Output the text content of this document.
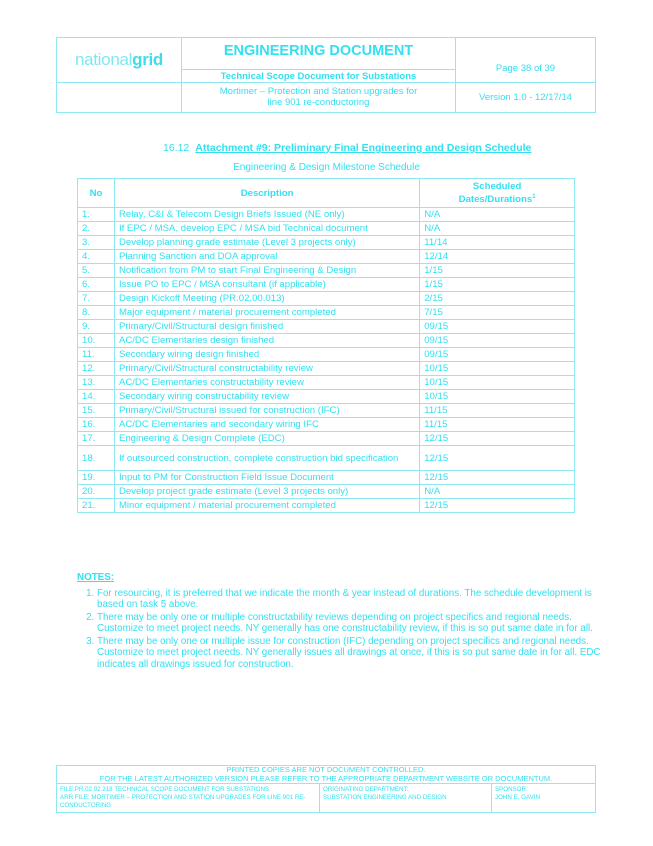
nationalgrid	ENGINEERING DOCUMENT
Technical Scope Document for Substations
Page 38 of 39
Mortimer – Protection and Station upgrades for
line 901 re-conductoring	Version 1.0 - 12/17/14
16.12 Attachment #9: Preliminary Final Engineering and Design Schedule
Engineering & Design Milestone Schedule
No	Description	Scheduled
Dates/Durations$^1$

1.	Relay, C&I & Telecom Design Briefs Issued (NE only)	N/A
2.	If EPC / MSA, develop EPC / MSA bid Technical document	N/A
3.	Develop planning grade estimate (Level 3 projects only)	11/14
4.	Planning Sanction and DOA approval	12/14
5.	Notification from PM to start Final Engineering & Design	1/15
6.	Issue PO to EPC / MSA consultant (if applicable)	1/15
7.	Design Kickoff Meeting (PR.02.00.013)	2/15
8.	Major equipment / material procurement completed	7/15
9.	Primary/Civil/Structural design finished	09/15
10.	AC/DC Elementaries design finished	09/15
11.	Secondary wiring design finished	09/15
12.	Primary/Civil/Structural constructability review	10/15
13.	AC/DC Elementaries constructability review	10/15
14.	Secondary wiring constructability review	10/15
15.	Primary/Civil/Structural issued for construction (IFC)	11/15
16.	AC/DC Elementaries and secondary wiring IFC	11/15
17.	Engineering & Design Complete (EDC)	12/15
18.	If outsourced construction, complete construction bid specification	12/15
19.	Input to PM for Construction Field Issue Document	12/15
20.	Develop project grade estimate (Level 3 projects only)	N/A
21.	Minor equipment / material procurement completed	12/15
NOTES:
1. For resourcing, it is preferred that we indicate the month & year instead of durations. The schedule development is based on task 5 above.
2. There may be only one or multiple constructability reviews depending on project specifics and regional needs. Customize to meet project needs. NY generally has one constructability review, if this is so put same date in for all.
3. There may be only one or multiple issue for construction (IFC) depending on project specifics and regional needs. Customize to meet project needs. NY generally issues all drawings at once, if this is so put same date in for all. EDC indicates all drawings issued for construction.
PRINTED COPIES ARE NOT DOCUMENT CONTROLLED.
FOR THE LATEST AUTHORIZED VERSION PLEASE REFER TO THE APPROPRIATE DEPARTMENT WEBSITE OR DOCUMENTUM.
FILE:PR.02.02.218 TECHNICAL SCOPE DOCUMENT FOR SUBSTATIONS
ARR FILE: MORTIMER – PROTECTION AND STATION UPGRADES FOR LINE 901 RE-CONDUCTORING
ORIGINATING DEPARTMENT:
SUBSTATION ENGINEERING AND DESIGN
SPONSOR:
JOHN E. GAVIN
